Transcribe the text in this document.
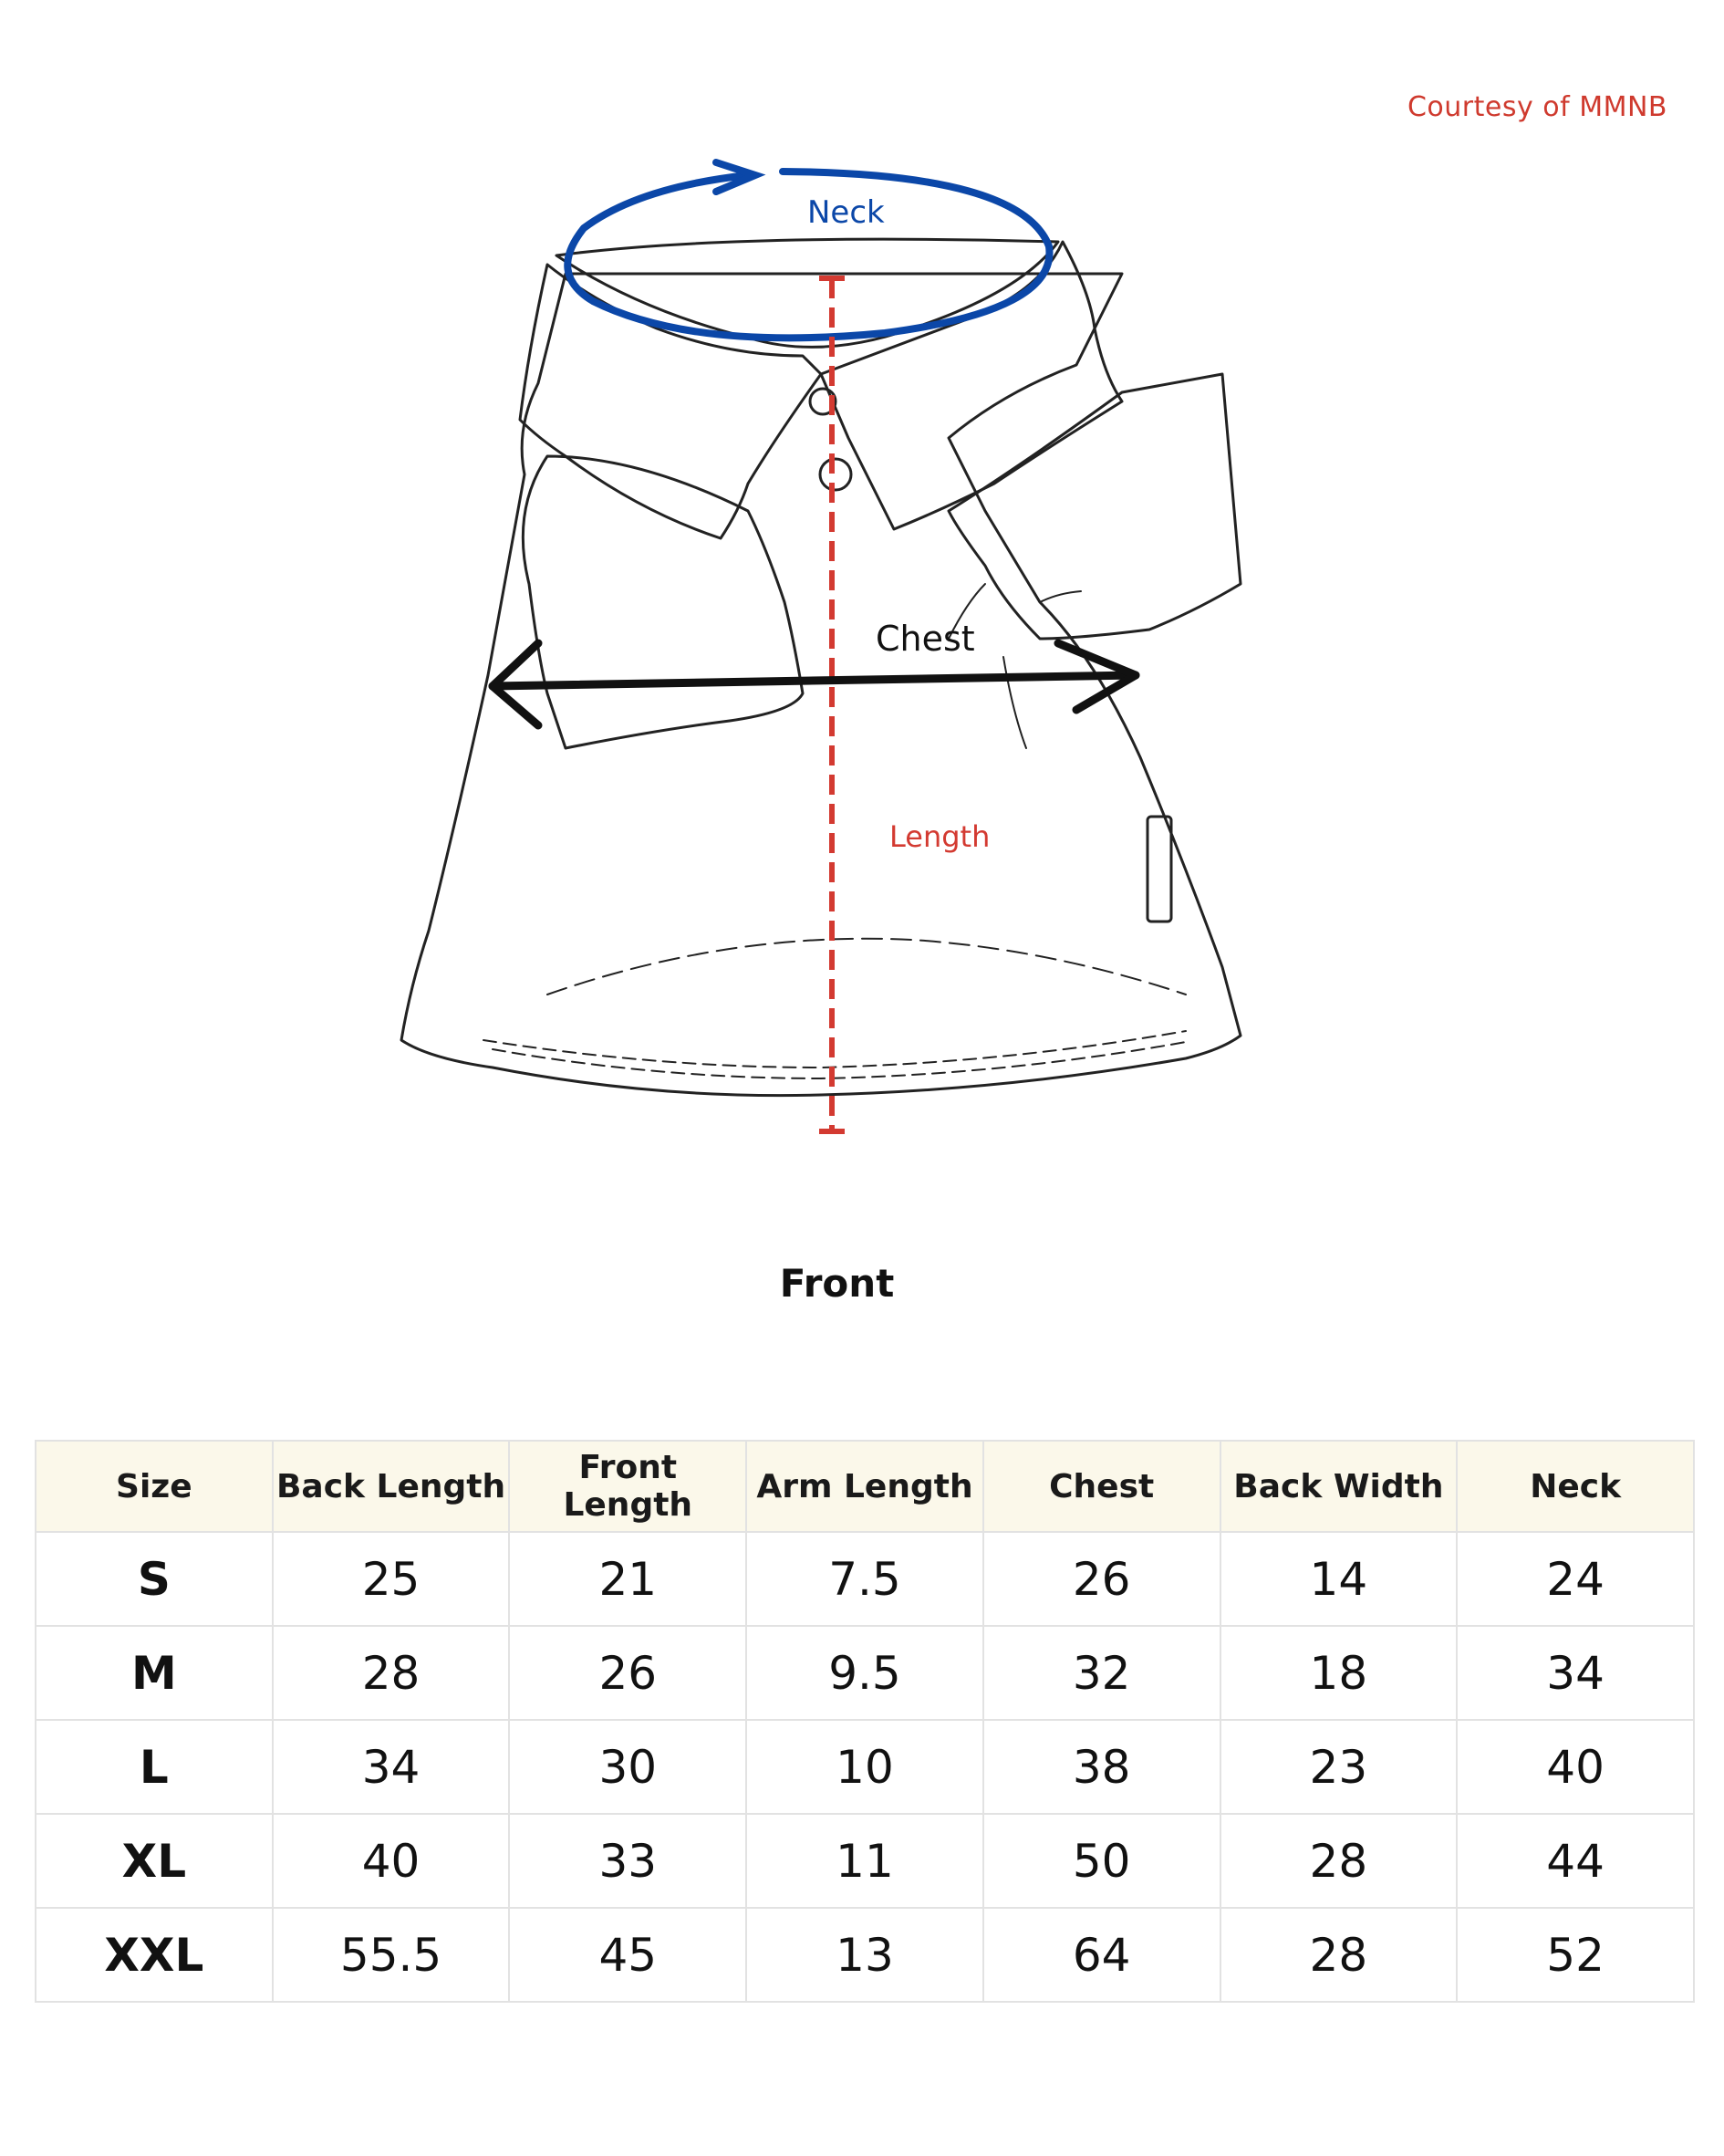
Courtesy of MMNB
Neck
Length
Chest
Front
Size	Back Length	Front Length	Arm Length	Chest	Back Width	Neck
S	25	21	7.5	26	14	24
M	28	26	9.5	32	18	34
L	34	30	10	38	23	40
XL	40	33	11	50	28	44
XXL	55.5	45	13	64	28	52
